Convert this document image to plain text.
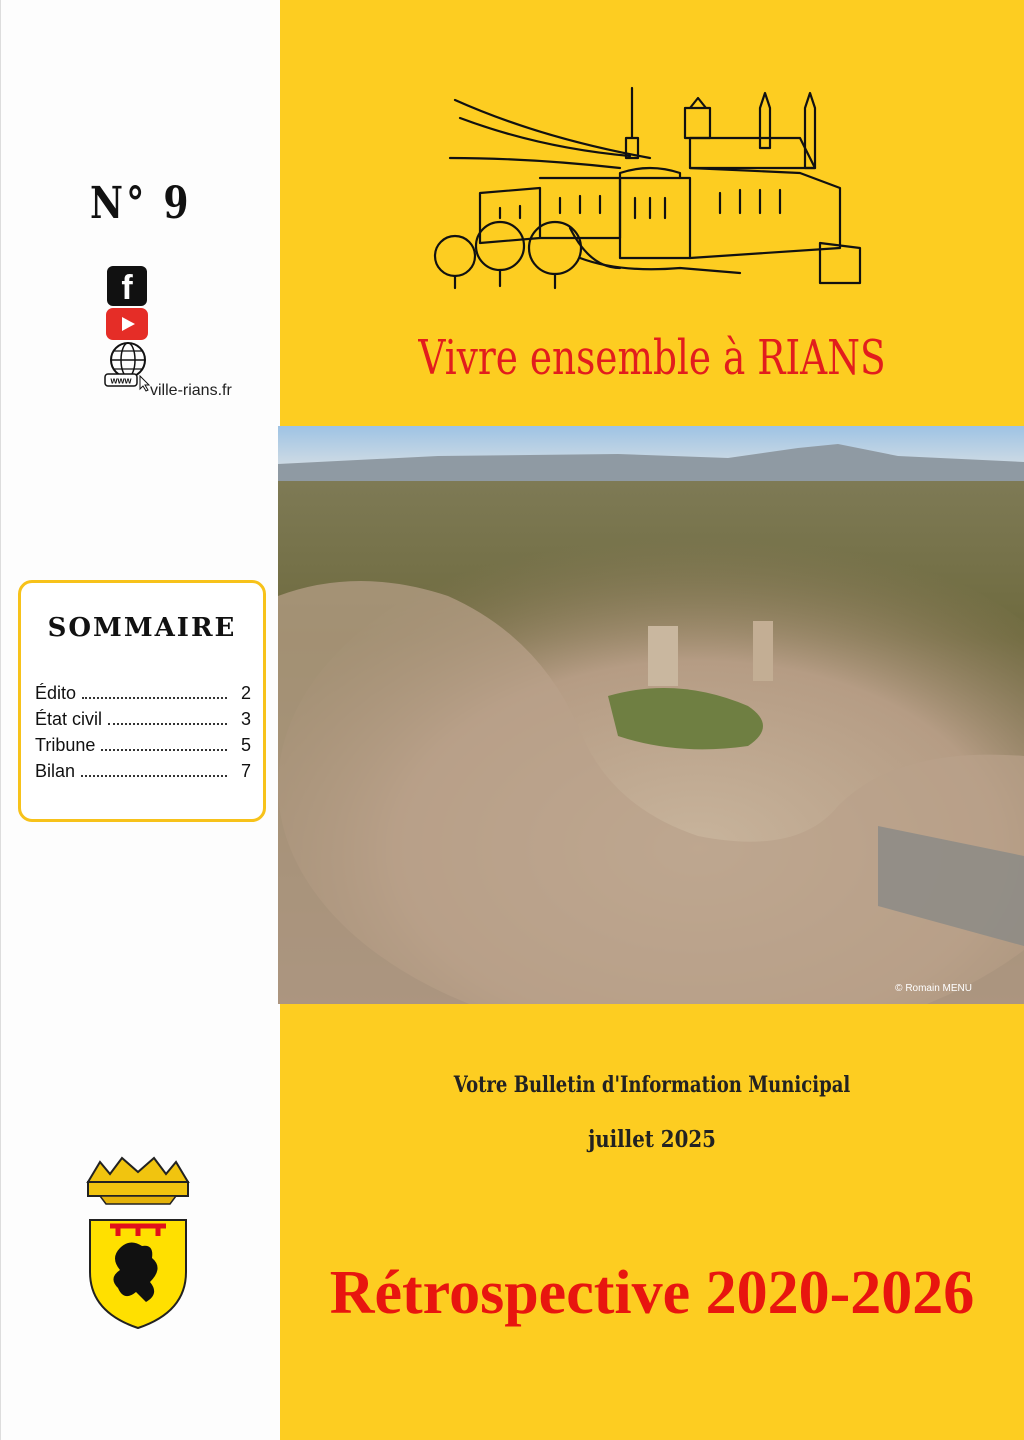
N° 9
f
www
ville-rians.fr
SOMMAIRE
Édito	2
État civil	3
Tribune	5
Bilan	7
Vivre ensemble à RIANS
© Romain MENU
Votre Bulletin d'Information Municipal
juillet 2025
Rétrospective 2020-2026
